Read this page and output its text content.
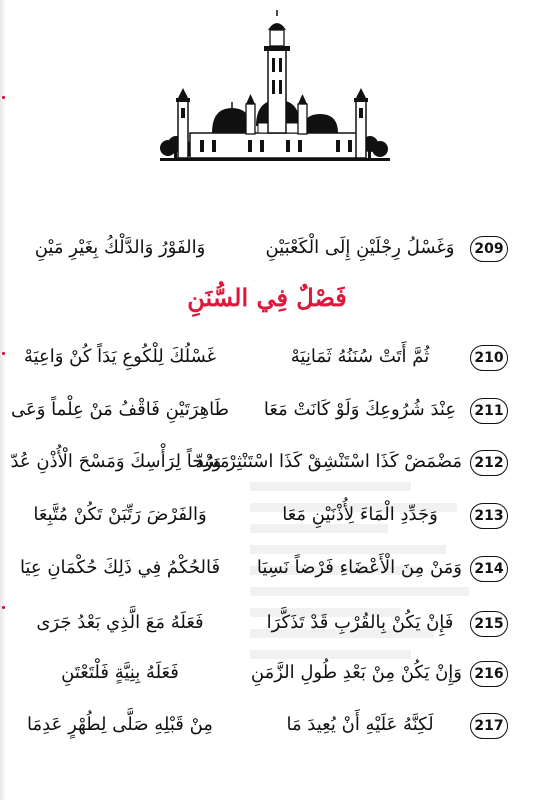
209
وَغَسْلُ رِجْلَيْنِ إِلَى الْكَعْبَيْنِ
وَالفَوْرُ وَالدَّلْكُ بِغَيْرِ مَيْنِ
فَصْلٌ فِي السُّنَنِ
210
ثُمَّ أَتَتْ سُنَنُهُ ثَمَانِيَهْ
غَسْلُكَ لِلْكُوعِ يَدَاً كُنْ وَاعِيَهْ
211
عِنْدَ شُرُوعِكَ وَلَوْ كَانَتْ مَعَا
طَاهِرَتَيْنِ فَاقْفُ مَنْ عِلْماً وَعَى
212
مَضْمَضْ كَذَا اسْتَنْشِقْ كَذَا اسْتَنْثِرْ وَرُدّ
مَسْحاً لِرَأْسِكَ وَمَسْحَ الْأُذْنِ عُدّ
213
وَجَدِّدِ الْمَاءَ لِأُذْنَيْنِ مَعَا
وَالفَرْضَ رَتِّبَنْ تَكُنْ مُتَّبِعَا
214
وَمَنْ مِنَ الْأَعْضَاءِ فَرْضاً نَسِيَا
فَالحُكْمُ فِي ذَلِكَ حُكْمَانِ عِيَا
215
فَإِنْ يَكُنْ بِالقُرْبِ قَدْ تَذَكَّرَا
فَعَلَهُ مَعَ الَّذِي بَعْدُ جَرَى
216
وَإِنْ يَكُنْ مِنْ بَعْدِ طُولِ الزَّمَنِ
فَعَلَهُ بِنِيَّةٍ فَلْتَعْتَنِ
217
لَكِنَّهُ عَلَيْهِ أَنْ يُعِيدَ مَا
مِنْ قَبْلِهِ صَلَّى لِطُهْرٍ عَدِمَا
